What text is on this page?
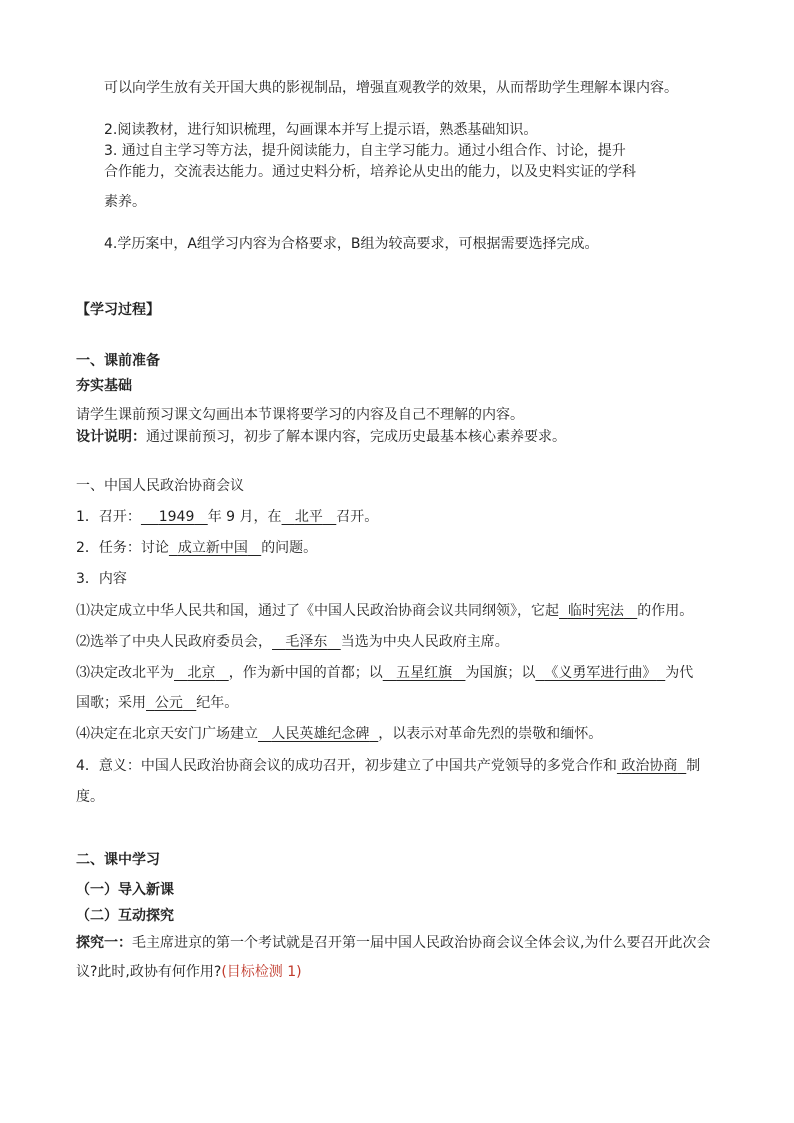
可以向学生放有关开国大典的影视制品，增强直观教学的效果，从而帮助学生理解本课内容。
2.阅读教材，进行知识梳理，勾画课本并写上提示语，熟悉基础知识。
3. 通过自主学习等方法，提升阅读能力，自主学习能力。通过小组合作、讨论，提升
合作能力，交流表达能力。通过史料分析，培养论从史出的能力，以及史料实证的学科
素养。
4.学历案中，A组学习内容为合格要求，B组为较高要求，可根据需要选择完成。
【学习过程】
一、课前准备
夯实基础
请学生课前预习课文勾画出本节课将要学习的内容及自己不理解的内容。
设计说明：通过课前预习，初步了解本课内容，完成历史最基本核心素养要求。
一、中国人民政治协商会议
1．召开： 1949 年 9 月，在 北平 召开。
2．任务：讨论 成立新中国 的问题。
3．内容
⑴决定成立中华人民共和国，通过了《中国人民政治协商会议共同纲领》，它起 临时宪法 的作用。
⑵选举了中央人民政府委员会， 毛泽东 当选为中央人民政府主席。
⑶决定改北平为 北京 ，作为新中国的首都；以 五星红旗 为国旗；以 《义勇军进行曲》 为代
国歌；采用 公元 纪年。
⑷决定在北京天安门广场建立 人民英雄纪念碑 ，以表示对革命先烈的崇敬和缅怀。
4．意义：中国人民政治协商会议的成功召开，初步建立了中国共产党领导的多党合作和 政治协商 制
度。
二、课中学习
（一）导入新课
（二）互动探究
探究一：毛主席进京的第一个考试就是召开第一届中国人民政治协商会议全体会议,为什么要召开此次会
议?此时,政协有何作用?(目标检测 1)
